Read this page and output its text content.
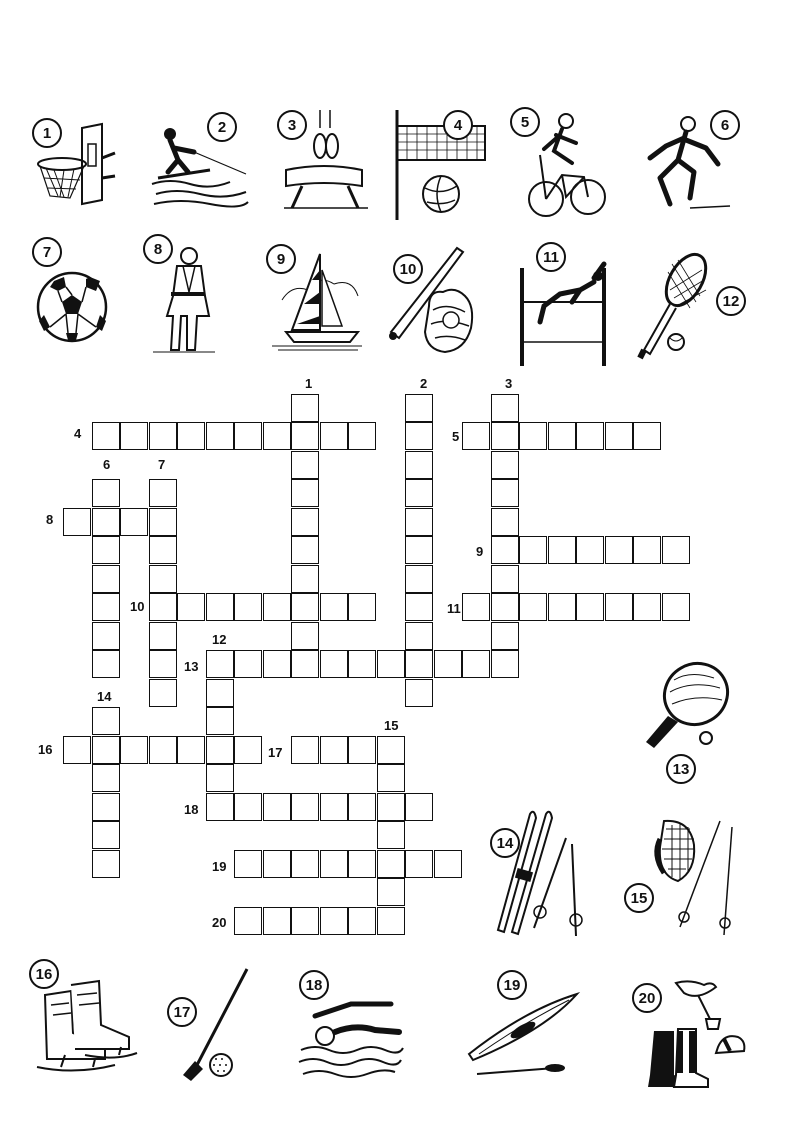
1	2	3	4	5	6
7	8
9
10
11
12
13
14
15
16
17
18	19
20
1	2	3
4	5
6	7
8
9
10	11
12
13
14
15
16	17
18
19
20
